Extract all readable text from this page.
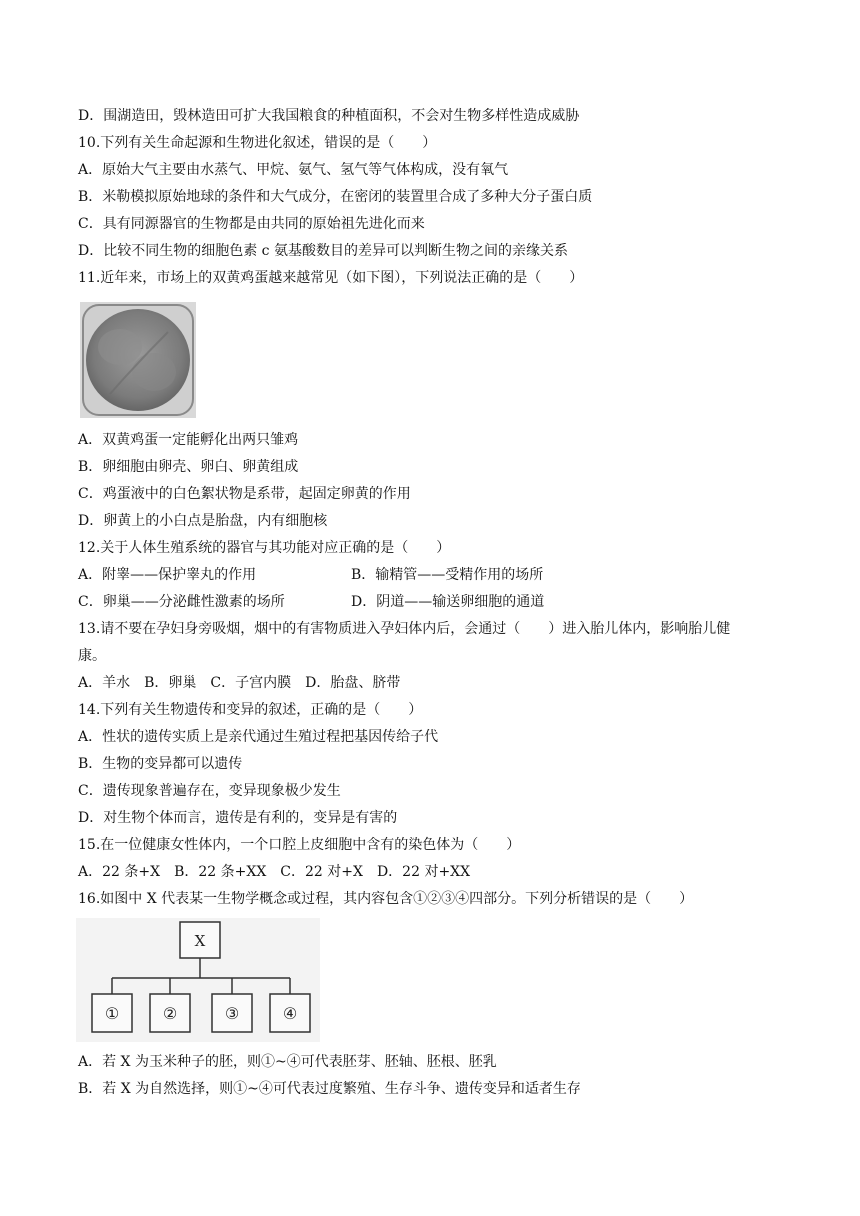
D．围湖造田，毁林造田可扩大我国粮食的种植面积，不会对生物多样性造成威胁
10.下列有关生命起源和生物进化叙述，错误的是（　　）
A．原始大气主要由水蒸气、甲烷、氨气、氢气等气体构成，没有氧气
B．米勒模拟原始地球的条件和大气成分，在密闭的装置里合成了多种大分子蛋白质
C．具有同源器官的生物都是由共同的原始祖先进化而来
D．比较不同生物的细胞色素 c 氨基酸数目的差异可以判断生物之间的亲缘关系
11.近年来，市场上的双黄鸡蛋越来越常见（如下图），下列说法正确的是（　　）
A．双黄鸡蛋一定能孵化出两只雏鸡
B．卵细胞由卵壳、卵白、卵黄组成
C．鸡蛋液中的白色絮状物是系带，起固定卵黄的作用
D．卵黄上的小白点是胎盘，内有细胞核
12.关于人体生殖系统的器官与其功能对应正确的是（　　）
A．附睾——保护睾丸的作用	B．输精管——受精作用的场所
C．卵巢——分泌雌性激素的场所	D．阴道——输送卵细胞的通道
13.请不要在孕妇身旁吸烟，烟中的有害物质进入孕妇体内后，会通过（　　）进入胎儿体内，影响胎儿健
康。
A．羊水　B．卵巢　C．子宫内膜　D．胎盘、脐带
14.下列有关生物遗传和变异的叙述，正确的是（　　）
A．性状的遗传实质上是亲代通过生殖过程把基因传给子代
B．生物的变异都可以遗传
C．遗传现象普遍存在，变异现象极少发生
D．对生物个体而言，遗传是有利的，变异是有害的
15.在一位健康女性体内，一个口腔上皮细胞中含有的染色体为（　　）
A．22 条+X　B．22 条+XX　C．22 对+X　D．22 对+XX
16.如图中 X 代表某一生物学概念或过程，其内容包含①②③④四部分。下列分析错误的是（　　）
X
①	②	③	④
A．若 X 为玉米种子的胚，则①~④可代表胚芽、胚轴、胚根、胚乳
B．若 X 为自然选择，则①~④可代表过度繁殖、生存斗争、遗传变异和适者生存
